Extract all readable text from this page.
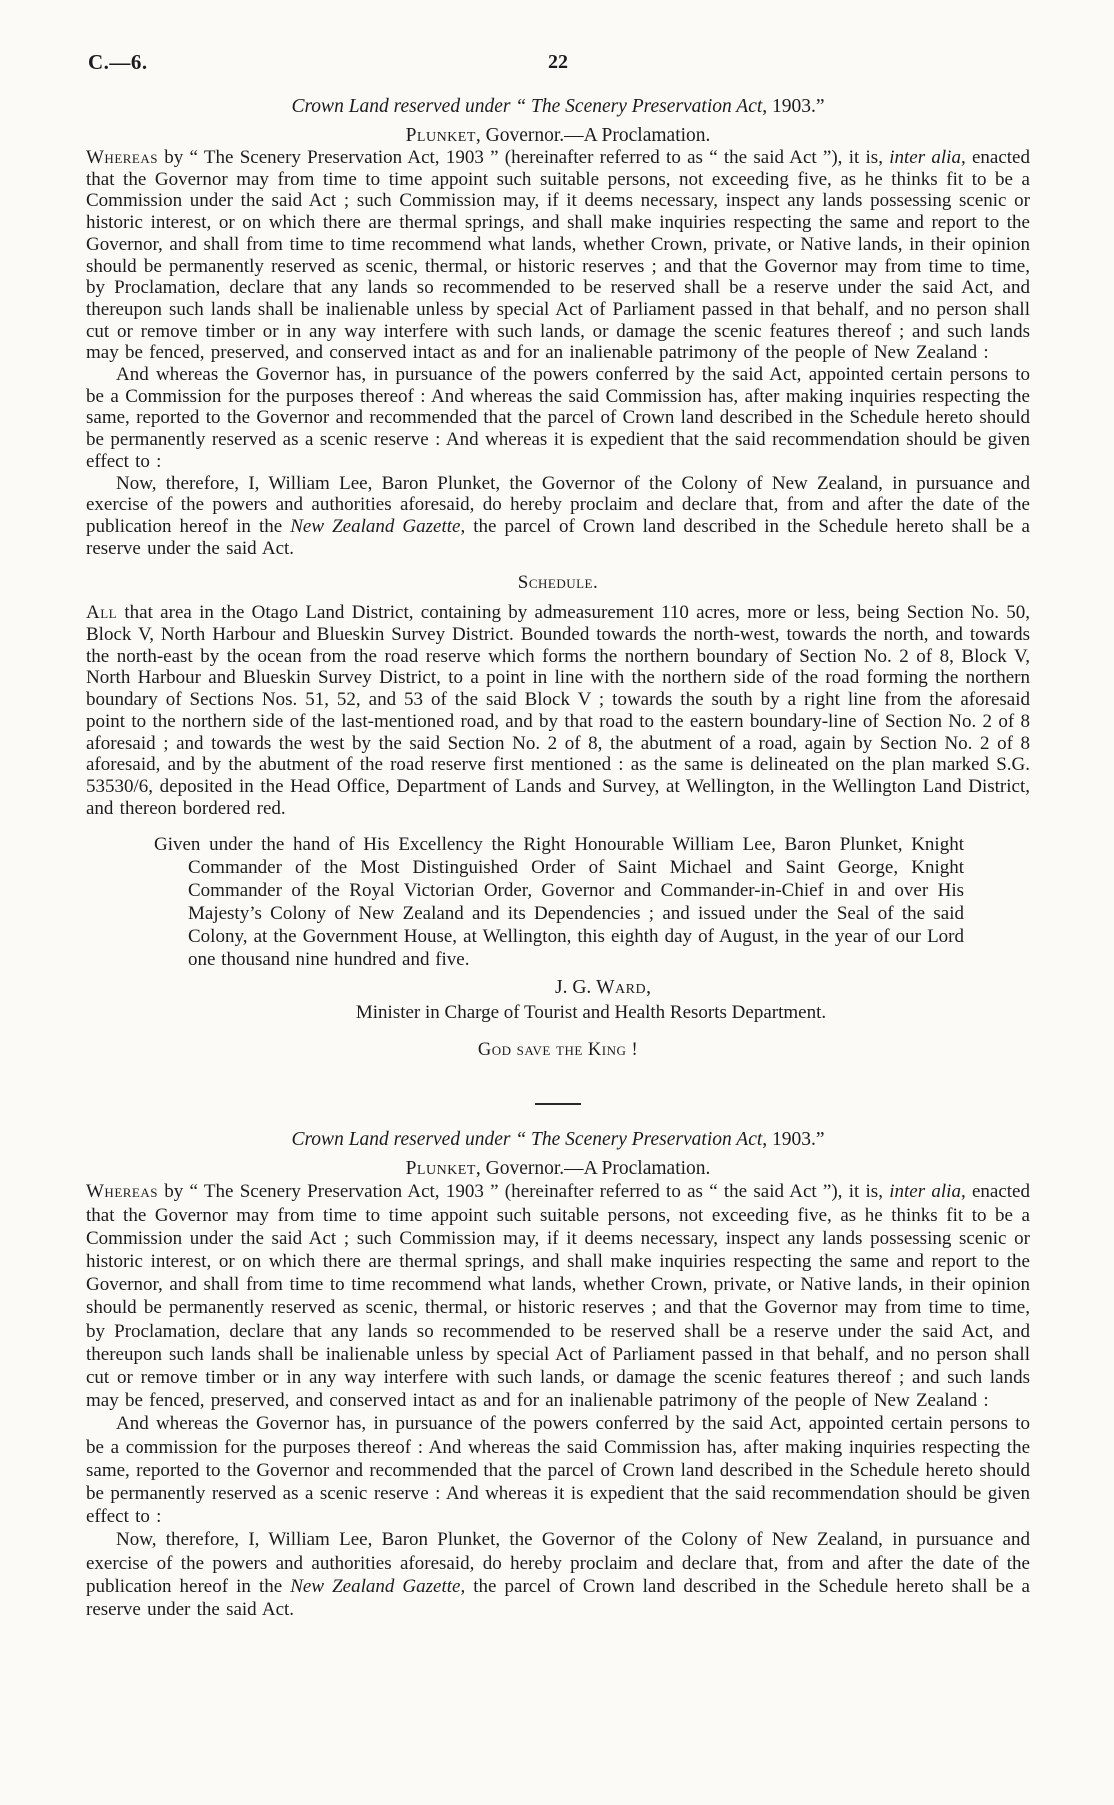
C.—6.	22
Crown Land reserved under “ The Scenery Preservation Act, 1903.”
Plunket, Governor.—A Proclamation.

Whereas by “ The Scenery Preservation Act, 1903 ” (hereinafter referred to as “ the said Act ”), it is, inter alia, enacted that the Governor may from time to time appoint such suitable persons, not exceeding five, as he thinks fit to be a Commission under the said Act ; such Commission may, if it deems necessary, inspect any lands possessing scenic or historic interest, or on which there are thermal springs, and shall make inquiries respecting the same and report to the Governor, and shall from time to time recommend what lands, whether Crown, private, or Native lands, in their opinion should be permanently reserved as scenic, thermal, or historic reserves ; and that the Governor may from time to time, by Proclamation, declare that any lands so recommended to be reserved shall be a reserve under the said Act, and thereupon such lands shall be inalienable unless by special Act of Parliament passed in that behalf, and no person shall cut or remove timber or in any way interfere with such lands, or damage the scenic features thereof ; and such lands may be fenced, preserved, and conserved intact as and for an inalienable patrimony of the people of New Zealand :

And whereas the Governor has, in pursuance of the powers conferred by the said Act, appointed certain persons to be a Commission for the purposes thereof : And whereas the said Commission has, after making inquiries respecting the same, reported to the Governor and recommended that the parcel of Crown land described in the Schedule hereto should be permanently reserved as a scenic reserve : And whereas it is expedient that the said recommendation should be given effect to :

Now, therefore, I, William Lee, Baron Plunket, the Governor of the Colony of New Zealand, in pursuance and exercise of the powers and authorities aforesaid, do hereby proclaim and declare that, from and after the date of the publication hereof in the New Zealand Gazette, the parcel of Crown land described in the Schedule hereto shall be a reserve under the said Act.

Schedule.

All that area in the Otago Land District, containing by admeasurement 110 acres, more or less, being Section No. 50, Block V, North Harbour and Blueskin Survey District. Bounded towards the north-west, towards the north, and towards the north-east by the ocean from the road reserve which forms the northern boundary of Section No. 2 of 8, Block V, North Harbour and Blueskin Survey District, to a point in line with the northern side of the road forming the northern boundary of Sections Nos. 51, 52, and 53 of the said Block V ; towards the south by a right line from the aforesaid point to the northern side of the last-mentioned road, and by that road to the eastern boundary-line of Section No. 2 of 8 aforesaid ; and towards the west by the said Section No. 2 of 8, the abutment of a road, again by Section No. 2 of 8 aforesaid, and by the abutment of the road reserve first mentioned : as the same is delineated on the plan marked S.G. 53530/6, deposited in the Head Office, Department of Lands and Survey, at Wellington, in the Wellington Land District, and thereon bordered red.

Given under the hand of His Excellency the Right Honourable William Lee, Baron Plunket, Knight Commander of the Most Distinguished Order of Saint Michael and Saint George, Knight Commander of the Royal Victorian Order, Governor and Commander-in-Chief in and over His Majesty’s Colony of New Zealand and its Dependencies ; and issued under the Seal of the said Colony, at the Government House, at Wellington, this eighth day of August, in the year of our Lord one thousand nine hundred and five.

J. G. Ward,
Minister in Charge of Tourist and Health Resorts Department.
God save the King !
Crown Land reserved under “ The Scenery Preservation Act, 1903.”
Plunket, Governor.—A Proclamation.

Whereas by “ The Scenery Preservation Act, 1903 ” (hereinafter referred to as “ the said Act ”), it is, inter alia, enacted that the Governor may from time to time appoint such suitable persons, not exceeding five, as he thinks fit to be a Commission under the said Act ; such Commission may, if it deems necessary, inspect any lands possessing scenic or historic interest, or on which there are thermal springs, and shall make inquiries respecting the same and report to the Governor, and shall from time to time recommend what lands, whether Crown, private, or Native lands, in their opinion should be permanently reserved as scenic, thermal, or historic reserves ; and that the Governor may from time to time, by Proclamation, declare that any lands so recommended to be reserved shall be a reserve under the said Act, and thereupon such lands shall be inalienable unless by special Act of Parliament passed in that behalf, and no person shall cut or remove timber or in any way interfere with such lands, or damage the scenic features thereof ; and such lands may be fenced, preserved, and conserved intact as and for an inalienable patrimony of the people of New Zealand :

And whereas the Governor has, in pursuance of the powers conferred by the said Act, appointed certain persons to be a commission for the purposes thereof : And whereas the said Commission has, after making inquiries respecting the same, reported to the Governor and recommended that the parcel of Crown land described in the Schedule hereto should be permanently reserved as a scenic reserve : And whereas it is expedient that the said recommendation should be given effect to :

Now, therefore, I, William Lee, Baron Plunket, the Governor of the Colony of New Zealand, in pursuance and exercise of the powers and authorities aforesaid, do hereby proclaim and declare that, from and after the date of the publication hereof in the New Zealand Gazette, the parcel of Crown land described in the Schedule hereto shall be a reserve under the said Act.
